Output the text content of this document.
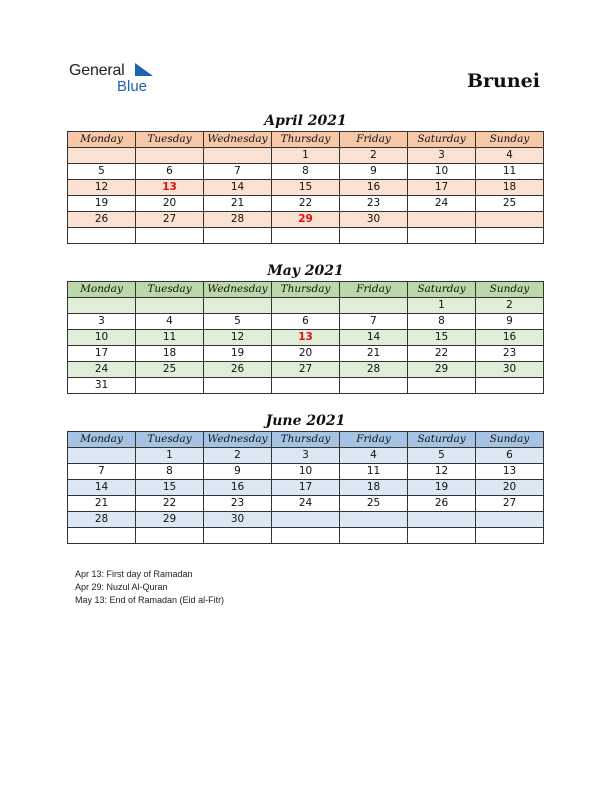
General
Blue	Brunei
April 2021
Monday	Tuesday	Wednesday	Thursday	Friday	Saturday	Sunday
			1	2	3	4
5	6	7	8	9	10	11
12	13	14	15	16	17	18
19	20	21	22	23	24	25
26	27	28	29	30		

May 2021
Monday	Tuesday	Wednesday	Thursday	Friday	Saturday	Sunday
					1	2
3	4	5	6	7	8	9
10	11	12	13	14	15	16
17	18	19	20	21	22	23
24	25	26	27	28	29	30
31						
June 2021
Monday	Tuesday	Wednesday	Thursday	Friday	Saturday	Sunday
	1	2	3	4	5	6
7	8	9	10	11	12	13
14	15	16	17	18	19	20
21	22	23	24	25	26	27
28	29	30				

Apr 13: First day of Ramadan
Apr 29: Nuzul Al-Quran
May 13: End of Ramadan (Eid al-Fitr)
